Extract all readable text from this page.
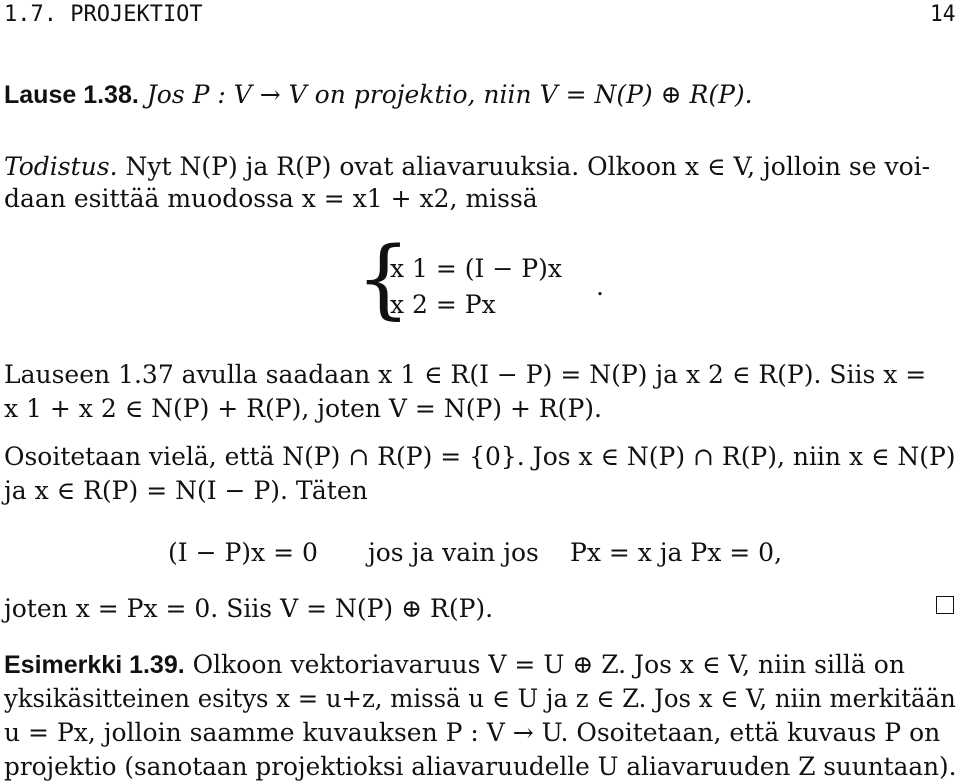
1.7. PROJEKTIOT	14
Lause 1.38. Jos P : V → V on projektio, niin V = N(P) ⊕ R(P).
Todistus. Nyt N(P) ja R(P) ovat aliavaruuksia. Olkoon x ∈ V, jolloin se voi-
daan esittää muodossa x = x1 + x2, missä
{
x 1 = (I − P)x
x 2 = Px
.
Lauseen 1.37 avulla saadaan x 1 ∈ R(I − P) = N(P) ja x 2 ∈ R(P). Siis x =
x 1 + x 2 ∈ N(P) + R(P), joten V = N(P) + R(P).
Osoitetaan vielä, että N(P) ∩ R(P) = {0}. Jos x ∈ N(P) ∩ R(P), niin x ∈ N(P)
ja x ∈ R(P) = N(I − P). Täten
(I − P)x = 0 jos ja vain jos Px = x ja Px = 0,
joten x = Px = 0. Siis V = N(P) ⊕ R(P).
Esimerkki 1.39. Olkoon vektoriavaruus V = U ⊕ Z. Jos x ∈ V, niin sillä on
yksikäsitteinen esitys x = u+z, missä u ∈ U ja z ∈ Z. Jos x ∈ V, niin merkitään
u = Px, jolloin saamme kuvauksen P : V → U. Osoitetaan, että kuvaus P on
projektio (sanotaan projektioksi aliavaruudelle U aliavaruuden Z suuntaan).
